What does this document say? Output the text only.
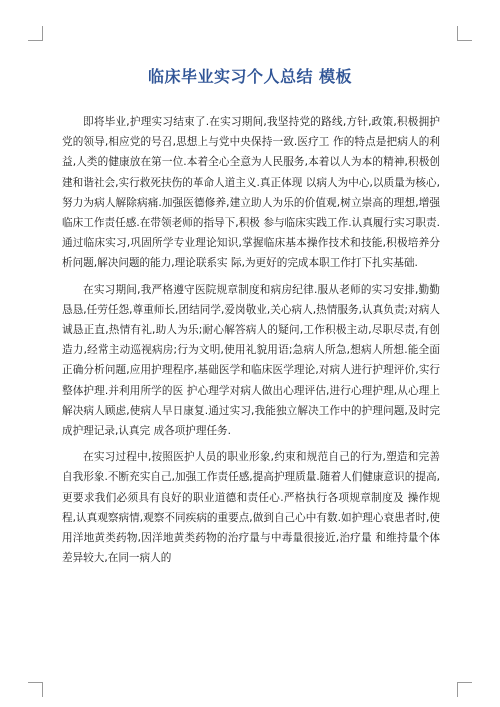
临床毕业实习个人总结 模板

即将毕业,护理实习结束了.在实习期间,我坚持党的路线,方针,政策,积极拥护党的领导,相应党的号召,思想上与党中央保持一致.医疗工 作的特点是把病人的利益,人类的健康放在第一位.本着全心全意为人民服务,本着以人为本的精神,积极创建和谐社会,实行救死扶伤的革命人道主义.真正体现 以病人为中心,以质量为核心,努力为病人解除病痛.加强医德修养,建立助人为乐的价值观,树立崇高的理想,增强临床工作责任感.在带领老师的指导下,积极 参与临床实践工作.认真履行实习职责.通过临床实习,巩固所学专业理论知识,掌握临床基本操作技术和技能,积极培养分析问题,解决问题的能力,理论联系实 际,为更好的完成本职工作打下扎实基础.

在实习期间,我严格遵守医院规章制度和病房纪律.服从老师的实习安排,勤勤恳恳,任劳任怨,尊重师长,团结同学,爱岗敬业,关心病人,热情服务,认真负责;对病人诚恳正直,热情有礼,助人为乐;耐心解答病人的疑问,工作积极主动,尽职尽责,有创造力,经常主动巡视病房;行为文明,使用礼貌用语;急病人所急,想病人所想.能全面正确分析问题,应用护理程序,基础医学和临床医学理论,对病人进行护理评价,实行整体护理.并利用所学的医 护心理学对病人做出心理评估,进行心理护理,从心理上解决病人顾虑,使病人早日康复.通过实习,我能独立解决工作中的护理问题,及时完成护理记录,认真完 成各项护理任务.

在实习过程中,按照医护人员的职业形象,约束和规范自己的行为,塑造和完善自我形象.不断充实自己,加强工作责任感,提高护理质量.随着人们健康意识的提高,更要求我们必须具有良好的职业道德和责任心.严格执行各项规章制度及 操作规程,认真观察病情,观察不同疾病的重要点,做到自己心中有数.如护理心衰患者时,使用洋地黄类药物,因洋地黄类药物的治疗量与中毒量很接近,治疗量 和维持量个体差异较大,在同一病人的
